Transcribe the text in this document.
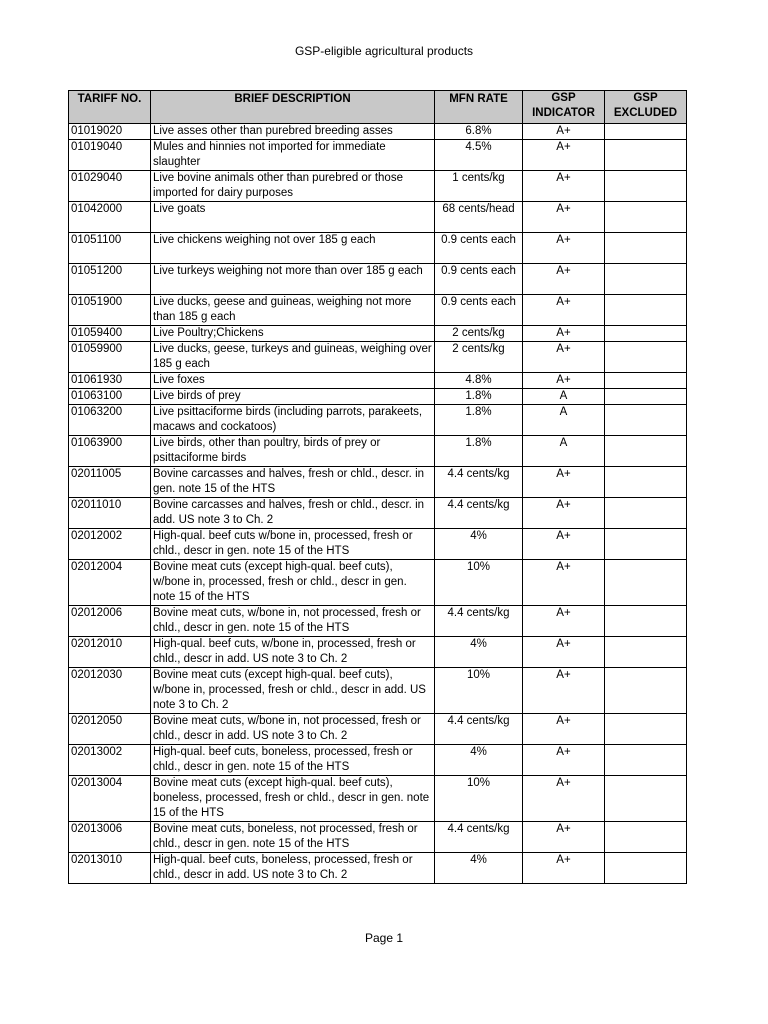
GSP-eligible agricultural products
TARIFF NO.	BRIEF DESCRIPTION	MFN RATE	GSP INDICATOR	GSP EXCLUDED
01019020	Live asses other than purebred breeding asses	6.8%	A+	
01019040	Mules and hinnies not imported for immediate slaughter	4.5%	A+	
01029040	Live bovine animals other than purebred or those imported for dairy purposes	1 cents/kg	A+	
01042000	Live goats	68 cents/head	A+	
01051100	Live chickens weighing not over 185 g each	0.9 cents each	A+	
01051200	Live turkeys weighing not more than over 185 g each	0.9 cents each	A+	
01051900	Live ducks, geese and guineas, weighing not more than 185 g each	0.9 cents each	A+	
01059400	Live Poultry;Chickens	2 cents/kg	A+	
01059900	Live ducks, geese, turkeys and guineas, weighing over 185 g each	2 cents/kg	A+	
01061930	Live foxes	4.8%	A+	
01063100	Live birds of prey	1.8%	A	
01063200	Live psittaciforme birds (including parrots, parakeets, macaws and cockatoos)	1.8%	A	
01063900	Live birds, other than poultry, birds of prey or psittaciforme birds	1.8%	A	
02011005	Bovine carcasses and halves, fresh or chld., descr. in gen. note 15 of the HTS	4.4 cents/kg	A+	
02011010	Bovine carcasses and halves, fresh or chld., descr. in add. US note 3 to Ch. 2	4.4 cents/kg	A+	
02012002	High-qual. beef cuts w/bone in, processed, fresh or chld., descr in gen. note 15 of the HTS	4%	A+	
02012004	Bovine meat cuts (except high-qual. beef cuts), w/bone in, processed, fresh or chld., descr in gen. note 15 of the HTS	10%	A+	
02012006	Bovine meat cuts, w/bone in, not processed, fresh or chld., descr in gen. note 15 of the HTS	4.4 cents/kg	A+	
02012010	High-qual. beef cuts, w/bone in, processed, fresh or chld., descr in add. US note 3 to Ch. 2	4%	A+	
02012030	Bovine meat cuts (except high-qual. beef cuts), w/bone in, processed, fresh or chld., descr in add. US note 3 to Ch. 2	10%	A+	
02012050	Bovine meat cuts, w/bone in, not processed, fresh or chld., descr in add. US note 3 to Ch. 2	4.4 cents/kg	A+	
02013002	High-qual. beef cuts, boneless, processed, fresh or chld., descr in gen. note 15 of the HTS	4%	A+	
02013004	Bovine meat cuts (except high-qual. beef cuts), boneless, processed, fresh or chld., descr in gen. note 15 of the HTS	10%	A+	
02013006	Bovine meat cuts, boneless, not processed, fresh or chld., descr in gen. note 15 of the HTS	4.4 cents/kg	A+	
02013010	High-qual. beef cuts, boneless, processed, fresh or chld., descr in add. US note 3 to Ch. 2	4%	A+	
Page 1
